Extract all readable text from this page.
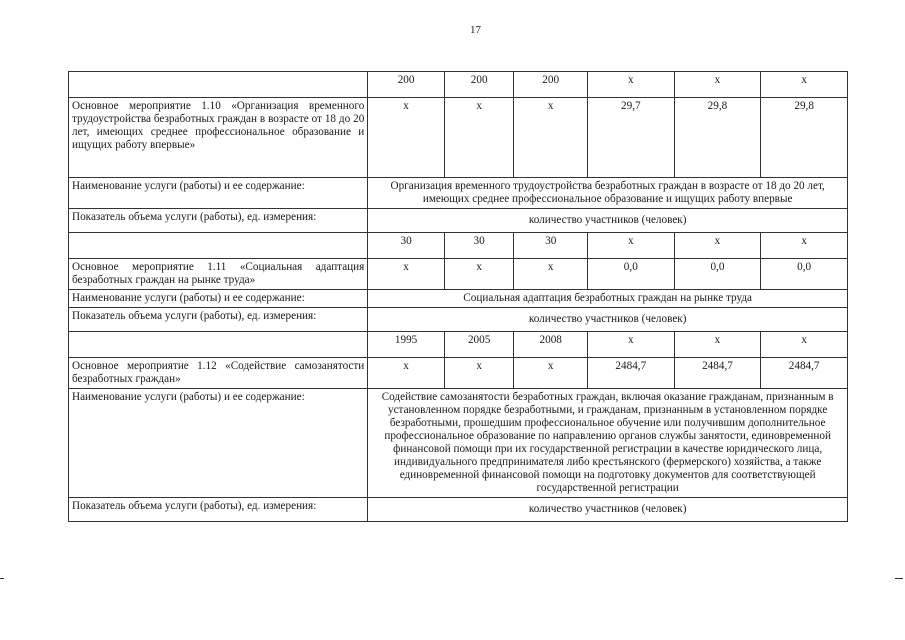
17
	200	200	200	х	х	х
Основное мероприятие 1.10 «Организация временного трудоустройства безработных граждан в возрасте от 18 до 20 лет, имеющих среднее профессиональное образование и ищущих работу впервые»	х	х	х	29,7	29,8	29,8
Наименование услуги (работы) и ее содержание:	Организация временного трудоустройства безработных граждан в возрасте от 18 до 20 лет, имеющих среднее профессиональное образование и ищущих работу впервые					
Показатель объема услуги (работы), ед. измерения:	количество участников (человек)					
	30	30	30	х	х	х
Основное мероприятие 1.11 «Социальная адаптация безработных граждан на рынке труда»	х	х	х	0,0	0,0	0,0
Наименование услуги (работы) и ее содержание:	Социальная адаптация безработных граждан на рынке труда					
Показатель объема услуги (работы), ед. измерения:	количество участников (человек)					
	1995	2005	2008	х	х	х
Основное мероприятие 1.12 «Содействие самозанятости безработных граждан»	х	х	х	2484,7	2484,7	2484,7
Наименование услуги (работы) и ее содержание:	Содействие самозанятости безработных граждан, включая оказание гражданам, признанным в установленном порядке безработными, и гражданам, признанным в установленном порядке безработными, прошедшим профессиональное обучение или получившим дополнительное профессиональное образование по направлению органов службы занятости, единовременной финансовой помощи при их государственной регистрации в качестве юридического лица, индивидуального предпринимателя либо крестьянского (фермерского) хозяйства, а также единовременной финансовой помощи на подготовку документов для соответствующей государственной регистрации					
Показатель объема услуги (работы), ед. измерения:	количество участников (человек)					
